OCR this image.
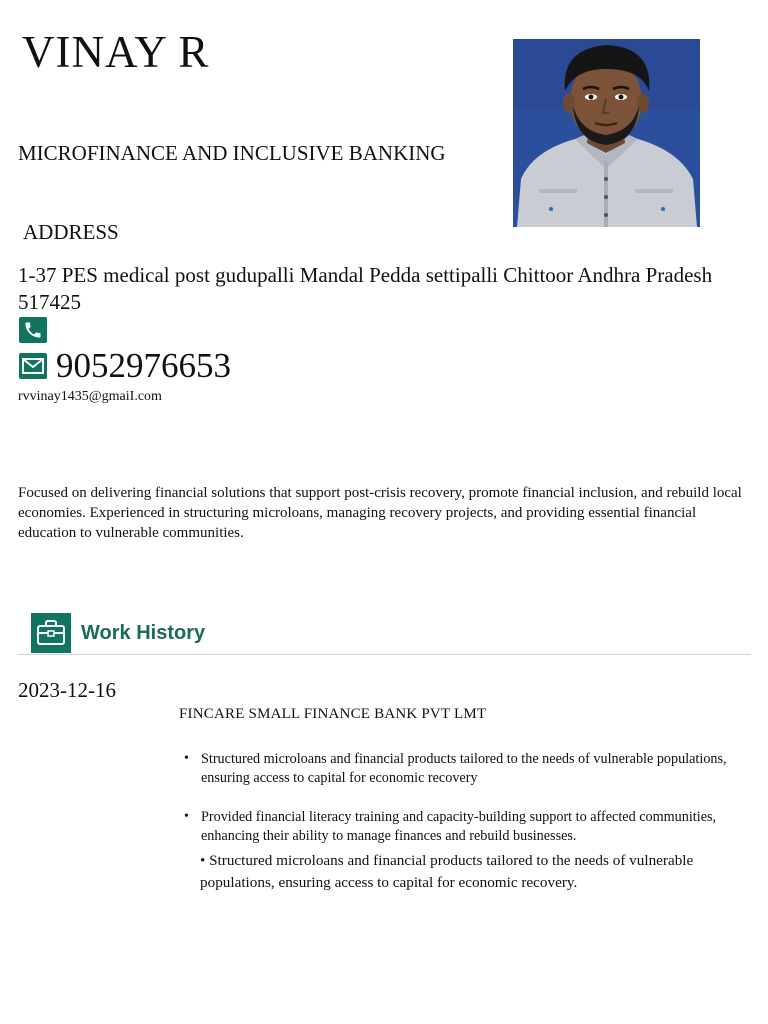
VINAY R
MICROFINANCE AND INCLUSIVE BANKING
ADDRESS
1-37 PES medical post gudupalli Mandal Pedda settipalli Chittoor Andhra Pradesh 517425
9052976653
rvvinay1435@gmaiI.com
Focused on delivering financial solutions that support post-crisis recovery, promote financial inclusion, and rebuild local economies. Experienced in structuring microloans, managing recovery projects, and providing essential financial education to vulnerable communities.
Work History
2023-12-16
FINCARE SMALL FINANCE BANK PVT LMT
• Structured microloans and financial products tailored to the needs of vulnerable populations, ensuring access to capital for economic recovery
• Provided financial literacy training and capacity-building support to affected communities, enhancing their ability to manage finances and rebuild businesses.
• Structured microloans and financial products tailored to the needs of vulnerable populations, ensuring access to capital for economic recovery.
